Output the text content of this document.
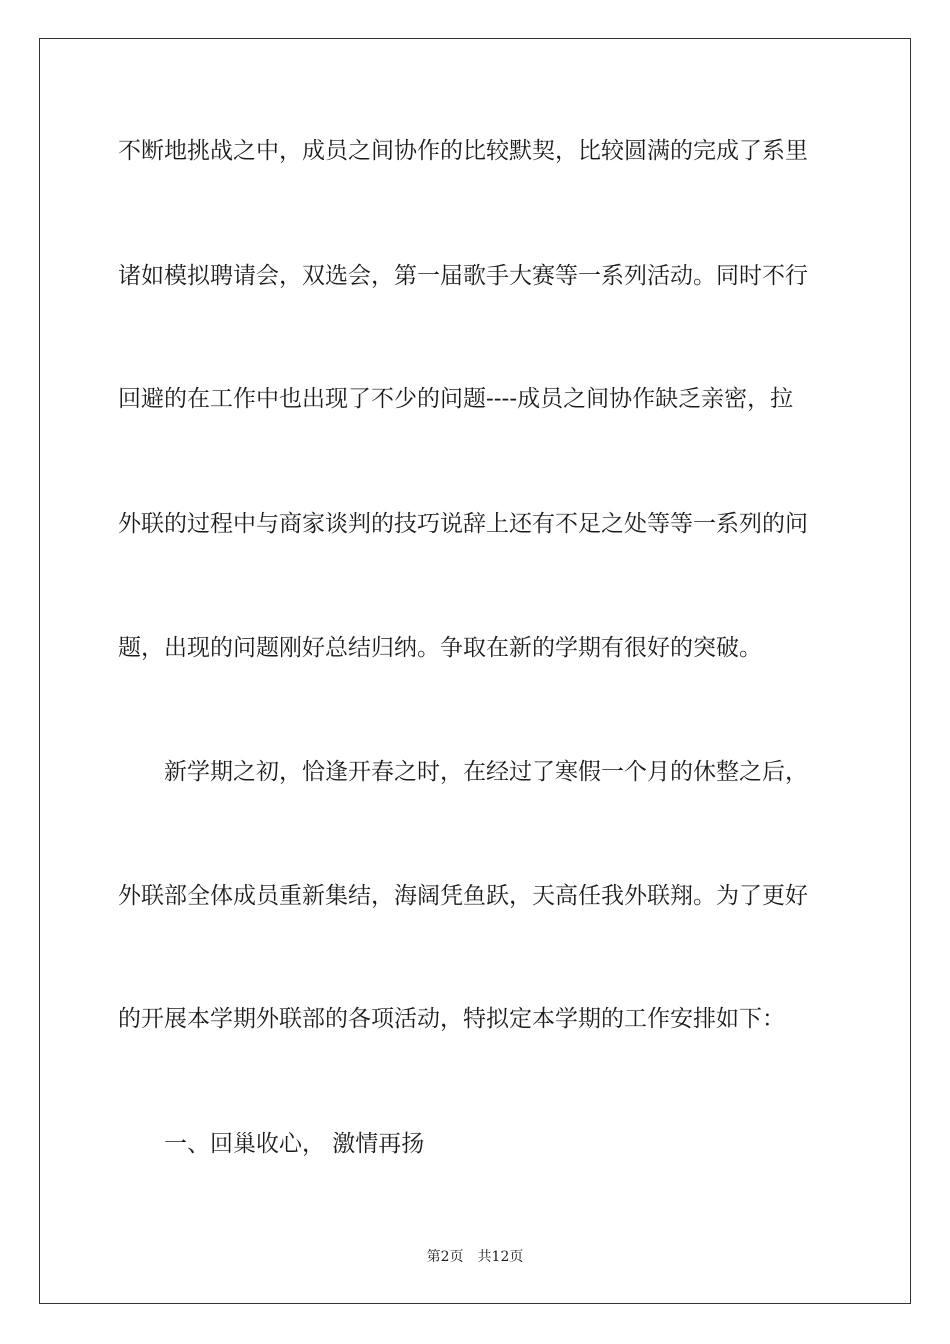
不断地挑战之中，成员之间协作的比较默契，比较圆满的完成了系里
诸如模拟聘请会，双选会，第一届歌手大赛等一系列活动。同时不行
回避的在工作中也出现了不少的问题----成员之间协作缺乏亲密，拉
外联的过程中与商家谈判的技巧说辞上还有不足之处等等一系列的问
题，出现的问题刚好总结归纳。争取在新的学期有很好的突破。
新学期之初，恰逢开春之时，在经过了寒假一个月的休整之后，
外联部全体成员重新集结，海阔凭鱼跃，天高任我外联翔。为了更好
的开展本学期外联部的各项活动，特拟定本学期的工作安排如下：
一、回巢收心， 激情再扬
第2页 共12页
